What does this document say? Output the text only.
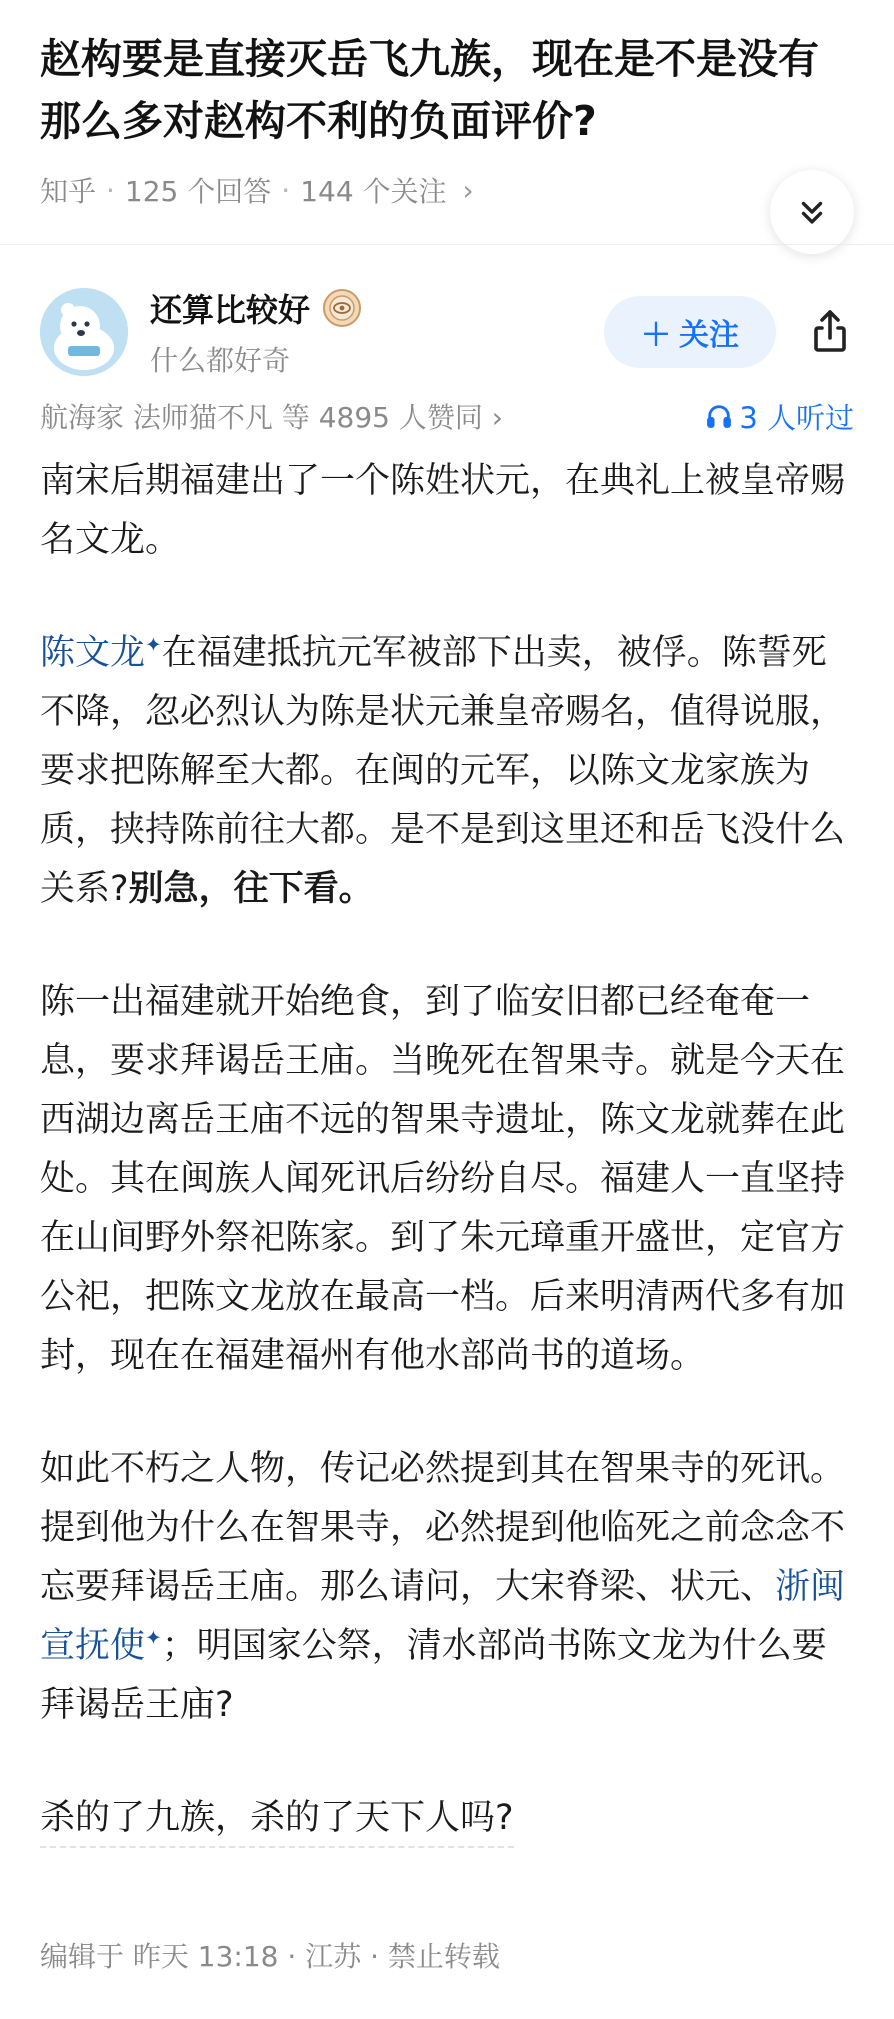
赵构要是直接灭岳飞九族，现在是不是没有那么多对赵构不利的负面评价?
知乎 · 125 个回答 · 144 个关注 ›
还算比较好
什么都好奇
＋ 关注
航海家 法师猫不凡 等 4895 人赞同 ›	3 人听过

南宋后期福建出了一个陈姓状元，在典礼上被皇帝赐名文龙。

陈文龙✦在福建抵抗元军被部下出卖，被俘。陈誓死不降，忽必烈认为陈是状元兼皇帝赐名，值得说服，要求把陈解至大都。在闽的元军，以陈文龙家族为质，挟持陈前往大都。是不是到这里还和岳飞没什么关系?别急，往下看。

陈一出福建就开始绝食，到了临安旧都已经奄奄一息，要求拜谒岳王庙。当晚死在智果寺。就是今天在西湖边离岳王庙不远的智果寺遗址，陈文龙就葬在此处。其在闽族人闻死讯后纷纷自尽。福建人一直坚持在山间野外祭祀陈家。到了朱元璋重开盛世，定官方公祀，把陈文龙放在最高一档。后来明清两代多有加封，现在在福建福州有他水部尚书的道场。

如此不朽之人物，传记必然提到其在智果寺的死讯。提到他为什么在智果寺，必然提到他临死之前念念不忘要拜谒岳王庙。那么请问，大宋脊梁、状元、浙闽宣抚使✦；明国家公祭，清水部尚书陈文龙为什么要拜谒岳王庙?

杀的了九族，杀的了天下人吗?

编辑于 昨天 13:18 · 江苏 · 禁止转载
